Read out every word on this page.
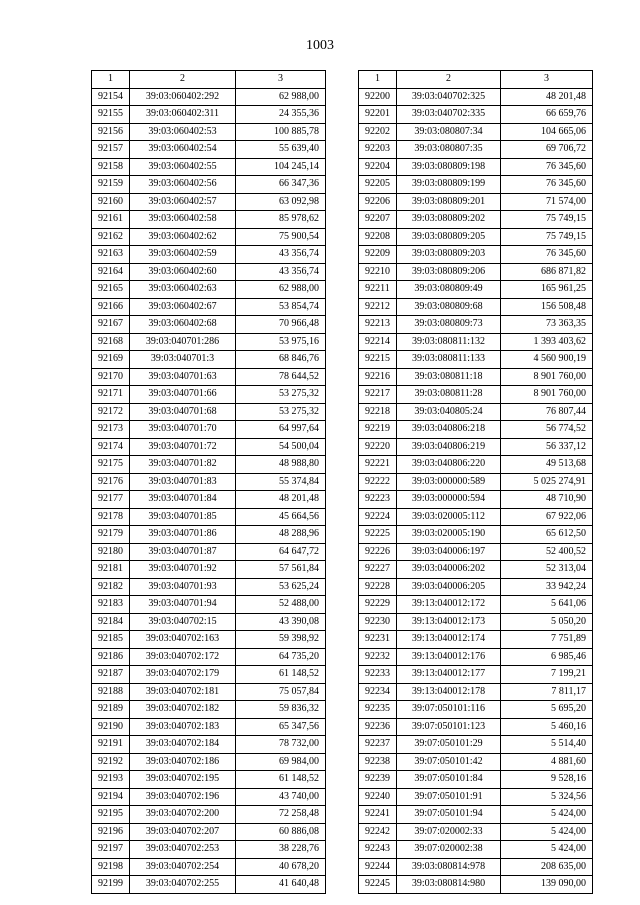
1003
1	2	3
92154	39:03:060402:292	62 988,00
92155	39:03:060402:311	24 355,36
92156	39:03:060402:53	100 885,78
92157	39:03:060402:54	55 639,40
92158	39:03:060402:55	104 245,14
92159	39:03:060402:56	66 347,36
92160	39:03:060402:57	63 092,98
92161	39:03:060402:58	85 978,62
92162	39:03:060402:62	75 900,54
92163	39:03:060402:59	43 356,74
92164	39:03:060402:60	43 356,74
92165	39:03:060402:63	62 988,00
92166	39:03:060402:67	53 854,74
92167	39:03:060402:68	70 966,48
92168	39:03:040701:286	53 975,16
92169	39:03:040701:3	68 846,76
92170	39:03:040701:63	78 644,52
92171	39:03:040701:66	53 275,32
92172	39:03:040701:68	53 275,32
92173	39:03:040701:70	64 997,64
92174	39:03:040701:72	54 500,04
92175	39:03:040701:82	48 988,80
92176	39:03:040701:83	55 374,84
92177	39:03:040701:84	48 201,48
92178	39:03:040701:85	45 664,56
92179	39:03:040701:86	48 288,96
92180	39:03:040701:87	64 647,72
92181	39:03:040701:92	57 561,84
92182	39:03:040701:93	53 625,24
92183	39:03:040701:94	52 488,00
92184	39:03:040702:15	43 390,08
92185	39:03:040702:163	59 398,92
92186	39:03:040702:172	64 735,20
92187	39:03:040702:179	61 148,52
92188	39:03:040702:181	75 057,84
92189	39:03:040702:182	59 836,32
92190	39:03:040702:183	65 347,56
92191	39:03:040702:184	78 732,00
92192	39:03:040702:186	69 984,00
92193	39:03:040702:195	61 148,52
92194	39:03:040702:196	43 740,00
92195	39:03:040702:200	72 258,48
92196	39:03:040702:207	60 886,08
92197	39:03:040702:253	38 228,76
92198	39:03:040702:254	40 678,20
92199	39:03:040702:255	41 640,48
1	2	3
92200	39:03:040702:325	48 201,48
92201	39:03:040702:335	66 659,76
92202	39:03:080807:34	104 665,06
92203	39:03:080807:35	69 706,72
92204	39:03:080809:198	76 345,60
92205	39:03:080809:199	76 345,60
92206	39:03:080809:201	71 574,00
92207	39:03:080809:202	75 749,15
92208	39:03:080809:205	75 749,15
92209	39:03:080809:203	76 345,60
92210	39:03:080809:206	686 871,82
92211	39:03:080809:49	165 961,25
92212	39:03:080809:68	156 508,48
92213	39:03:080809:73	73 363,35
92214	39:03:080811:132	1 393 403,62
92215	39:03:080811:133	4 560 900,19
92216	39:03:080811:18	8 901 760,00
92217	39:03:080811:28	8 901 760,00
92218	39:03:040805:24	76 807,44
92219	39:03:040806:218	56 774,52
92220	39:03:040806:219	56 337,12
92221	39:03:040806:220	49 513,68
92222	39:03:000000:589	5 025 274,91
92223	39:03:000000:594	48 710,90
92224	39:03:020005:112	67 922,06
92225	39:03:020005:190	65 612,50
92226	39:03:040006:197	52 400,52
92227	39:03:040006:202	52 313,04
92228	39:03:040006:205	33 942,24
92229	39:13:040012:172	5 641,06
92230	39:13:040012:173	5 050,20
92231	39:13:040012:174	7 751,89
92232	39:13:040012:176	6 985,46
92233	39:13:040012:177	7 199,21
92234	39:13:040012:178	7 811,17
92235	39:07:050101:116	5 695,20
92236	39:07:050101:123	5 460,16
92237	39:07:050101:29	5 514,40
92238	39:07:050101:42	4 881,60
92239	39:07:050101:84	9 528,16
92240	39:07:050101:91	5 324,56
92241	39:07:050101:94	5 424,00
92242	39:07:020002:33	5 424,00
92243	39:07:020002:38	5 424,00
92244	39:03:080814:978	208 635,00
92245	39:03:080814:980	139 090,00
